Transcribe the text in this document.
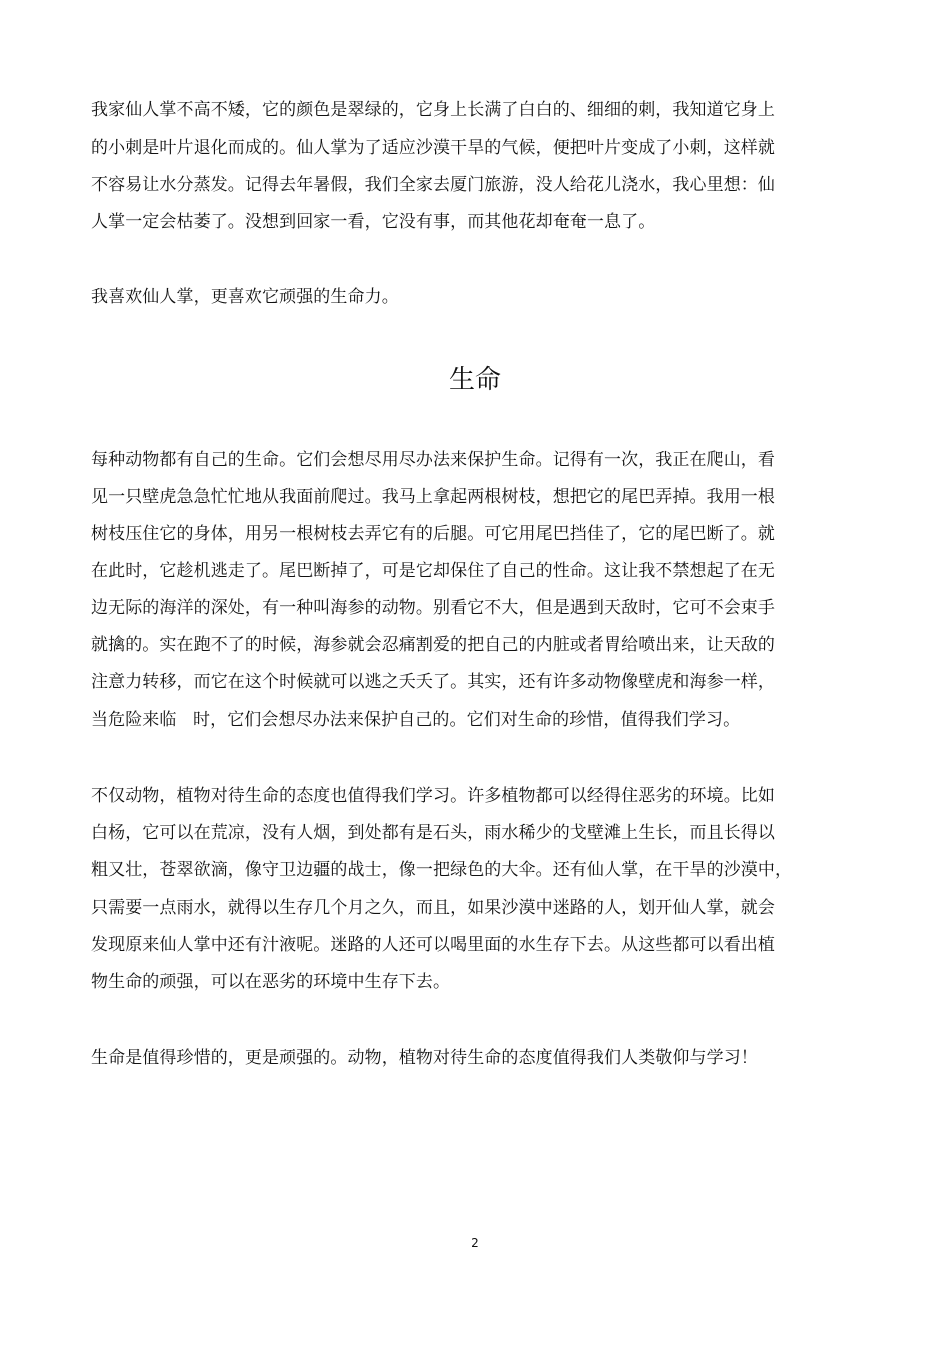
我家仙人掌不高不矮，它的颜色是翠绿的，它身上长满了白白的、细细的刺，我知道它身上
的小刺是叶片退化而成的。仙人掌为了适应沙漠干旱的气候，便把叶片变成了小刺，这样就
不容易让水分蒸发。记得去年暑假，我们全家去厦门旅游，没人给花儿浇水，我心里想：仙
人掌一定会枯萎了。没想到回家一看，它没有事，而其他花却奄奄一息了。
我喜欢仙人掌，更喜欢它顽强的生命力。
生命
每种动物都有自己的生命。它们会想尽用尽办法来保护生命。记得有一次，我正在爬山，看
见一只壁虎急急忙忙地从我面前爬过。我马上拿起两根树枝，想把它的尾巴弄掉。我用一根
树枝压住它的身体，用另一根树枝去弄它有的后腿。可它用尾巴挡佳了，它的尾巴断了。就
在此时，它趁机逃走了。尾巴断掉了，可是它却保住了自己的性命。这让我不禁想起了在无
边无际的海洋的深处，有一种叫海参的动物。别看它不大，但是遇到天敌时，它可不会束手
就擒的。实在跑不了的时候，海参就会忍痛割爱的把自己的内脏或者胃给喷出来，让天敌的
注意力转移，而它在这个时候就可以逃之夭夭了。其实，还有许多动物像壁虎和海参一样，
当危险来临   时，它们会想尽办法来保护自己的。它们对生命的珍惜，值得我们学习。
不仅动物，植物对待生命的态度也值得我们学习。许多植物都可以经得住恶劣的环境。比如
白杨，它可以在荒凉，没有人烟，到处都有是石头，雨水稀少的戈壁滩上生长，而且长得以
粗又壮，苍翠欲滴，像守卫边疆的战士，像一把绿色的大伞。还有仙人掌，在干旱的沙漠中，
只需要一点雨水，就得以生存几个月之久，而且，如果沙漠中迷路的人，划开仙人掌，就会
发现原来仙人掌中还有汁液呢。迷路的人还可以喝里面的水生存下去。从这些都可以看出植
物生命的顽强，可以在恶劣的环境中生存下去。
生命是值得珍惜的，更是顽强的。动物，植物对待生命的态度值得我们人类敬仰与学习！
2
